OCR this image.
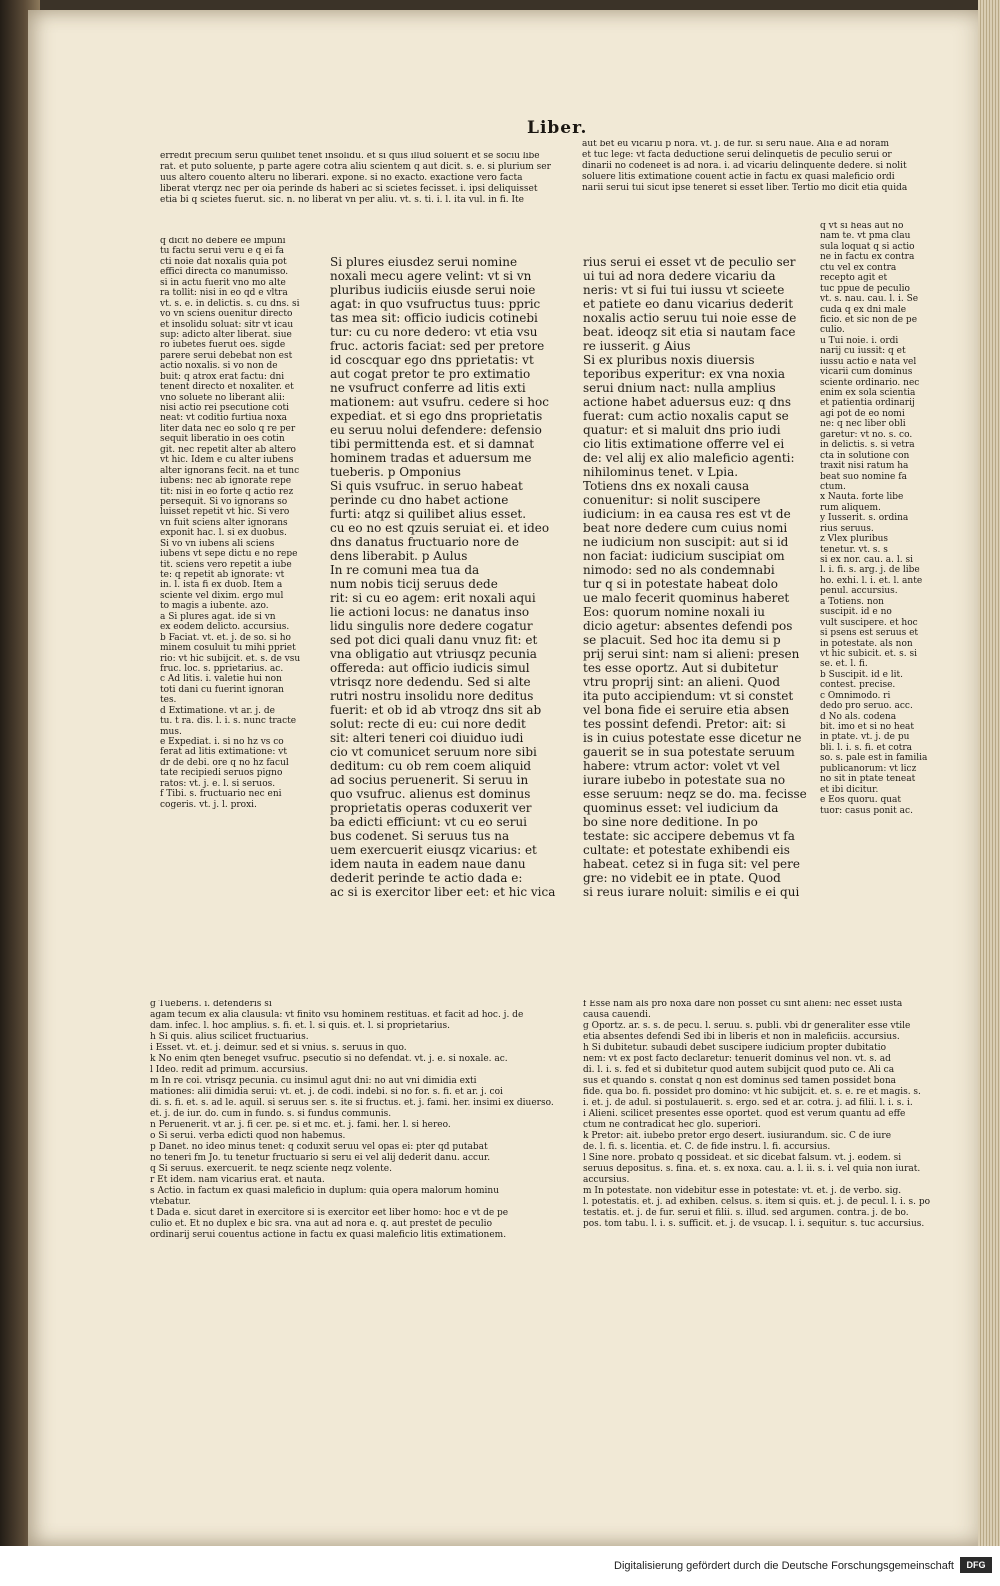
Liber.
erredit precium serui quilibet tenet insolidu. et si quis illud soluerit et se sociu libe
rat. et puto soluente, p parte agere cotra aliu scientem q aut dicit. s. e. si plurium ser
uus altero couento alteru no liberari. expone. si no exacto. exactione vero facta
liberat vterqz nec per oia perinde ds haberi ac si scietes fecisset. i. ipsi deliquisset
etia bi q scietes fuerut. sic. n. no liberat vn per aliu. vt. s. ti. i. l. ita vul. in fi. Ite
aut bet eu vicariu p nora. vt. j. de fur. si seru naue. Alia e ad noram
et tuc lege: vt facta deductione serui delinquetis de peculio serui or
dinarii no codeneet is ad nora. i. ad vicariu delinquente dedere. si nolit
soluere litis extimatione couent actie in factu ex quasi maleficio ordi
narii serui tui sicut ipse teneret si esset liber. Tertio mo dicit etia quida
q dicit no debere ee impuni
tu factu serui veru e q ei fa
cti noie dat noxalis quia pot
effici directa co manumisso.
si in actu fuerit vno mo alte
ra tollit: nisi in eo qd e vltra
vt. s. e. in delictis. s. cu dns. si
vo vn sciens ouenitur directo
et insolidu soluat: sitr vt icau
sup: adicto alter liberat. siue
ro iubetes fuerut oes. sigde
parere serui debebat non est
actio noxalis. si vo non de
buit: q atrox erat factu: dni
tenent directo et noxaliter. et
vno soluete no liberant alii:
nisi actio rei psecutione coti
neat: vt coditio furtiua noxa
liter data nec eo solo q re per
sequit liberatio in oes cotin
git. nec repetit alter ab altero
vt hic. Idem e cu alter iubens
alter ignorans fecit. na et tunc
iubens: nec ab ignorate repe
tit: nisi in eo forte q actio rez
persequit. Si vo ignorans so
luisset repetit vt hic. Si vero
vn fuit sciens alter ignorans
exponit hac. l. si ex duobus.
Si vo vn iubens ali sciens
iubens vt sepe dictu e no repe
tit. sciens vero repetit a iube
te: q repetit ab ignorate: vt
in. l. ista fi ex duob. Item a
sciente vel dixim. ergo mul
to magis a iubente. azo.
a Si plures agat. ide si vn
ex eodem delicto. accursius.
b Faciat. vt. et. j. de so. si ho
minem cosuluit tu mihi ppriet
rio: vt hic subijcit. et. s. de vsu
fruc. loc. s. pprietarius. ac.
c Ad litis. i. valetie hui non
toti dani cu fuerint ignoran
tes.
d Extimatione. vt ar. j. de
tu. t ra. dis. l. i. s. nunc tracte
mus.
e Expediat. i. si no hz vs co
ferat ad litis extimatione: vt
dr de debi. ore q no hz facul
tate recipiedi seruos pigno
ratos: vt. j. e. l. si seruos.
f Tibi. s. fructuario nec eni
cogeris. vt. j. l. proxi.
Si plures eiusdez serui nomine
noxali mecu agere velint: vt si vn
pluribus iudiciis eiusde serui noie
agat: in quo vsufructus tuus: ppric
tas mea sit: officio iudicis cotinebi
tur: cu cu nore dedero: vt etia vsu
fruc. actoris faciat: sed per pretore
id coscquar ego dns pprietatis: vt
aut cogat pretor te pro extimatio
ne vsufruct conferre ad litis exti
mationem: aut vsufru. cedere si hoc
expediat. et si ego dns proprietatis
eu seruu nolui defendere: defensio
tibi permittenda est. et si damnat
hominem tradas et aduersum me
tueberis. p Omponius
Si quis vsufruc. in seruo habeat
perinde cu dno habet actione
furti: atqz si quilibet alius esset.
cu eo no est qzuis seruiat ei. et ideo
dns danatus fructuario nore de
dens liberabit. p Aulus
In re comuni mea tua da
num nobis ticij seruus dede
rit: si cu eo agem: erit noxali aqui
lie actioni locus: ne danatus inso
lidu singulis nore dedere cogatur
sed pot dici quali danu vnuz fit: et
vna obligatio aut vtriusqz pecunia
offereda: aut officio iudicis simul
vtrisqz nore dedendu. Sed si alte
rutri nostru insolidu nore deditus
fuerit: et ob id ab vtroqz dns sit ab
solut: recte di eu: cui nore dedit
sit: alteri teneri coi diuiduo iudi
cio vt comunicet seruum nore sibi
deditum: cu ob rem coem aliquid
ad socius peruenerit. Si seruu in
quo vsufruc. alienus est dominus
proprietatis operas coduxerit ver
ba edicti efficiunt: vt cu eo serui
bus codenet. Si seruus tus na
uem exercuerit eiusqz vicarius: et
idem nauta in eadem naue danu
dederit perinde te actio dada e:
ac si is exercitor liber eet: et hic vica
rius serui ei esset vt de peculio ser
ui tui ad nora dedere vicariu da
neris: vt si fui tui iussu vt scieete
et patiete eo danu vicarius dederit
noxalis actio seruu tui noie esse de
beat. ideoqz sit etia si nautam face
re iusserit. g Aius
Si ex pluribus noxis diuersis
teporibus experitur: ex vna noxia
serui dnium nact: nulla amplius
actione habet aduersus euz: q dns
fuerat: cum actio noxalis caput se
quatur: et si maluit dns prio iudi
cio litis extimatione offerre vel ei
de: vel alij ex alio maleficio agenti:
nihilominus tenet. v Lpia.
Totiens dns ex noxali causa
conuenitur: si nolit suscipere
iudicium: in ea causa res est vt de
beat nore dedere cum cuius nomi
ne iudicium non suscipit: aut si id
non faciat: iudicium suscipiat om
nimodo: sed no als condemnabi
tur q si in potestate habeat dolo
ue malo fecerit quominus haberet
Eos: quorum nomine noxali iu
dicio agetur: absentes defendi pos
se placuit. Sed hoc ita demu si p
prij serui sint: nam si alieni: presen
tes esse oportz. Aut si dubitetur
vtru proprij sint: an alieni. Quod
ita puto accipiendum: vt si constet
vel bona fide ei seruire etia absen
tes possint defendi. Pretor: ait: si
is in cuius potestate esse dicetur ne
gauerit se in sua potestate seruum
habere: vtrum actor: volet vt vel
iurare iubebo in potestate sua no
esse seruum: neqz se do. ma. fecisse
quominus esset: vel iudicium da
bo sine nore deditione. In po
testate: sic accipere debemus vt fa
cultate: et potestate exhibendi eis
habeat. cetez si in fuga sit: vel pere
gre: no videbit ee in ptate. Quod
si reus iurare noluit: similis e ei qui
q vt si heas aut no
nam te. vt pma clau
sula loquat q si actio
ne in factu ex contra
ctu vel ex contra
recepto agit et
tuc ppue de peculio
vt. s. nau. cau. l. i. Se
cuda q ex dni male
ficio. et sic non de pe
culio.
u Tui noie. i. ordi
narij cu iussit: q et
iussu actio e nata vel
vicarii cum dominus
sciente ordinario. nec
enim ex sola scientia
et patientia ordinarij
agi pot de eo nomi
ne: q nec liber obli
garetur: vt no. s. co.
in delictis. s. si vetra
cta in solutione con
traxit nisi ratum ha
beat suo nomine fa
ctum.
x Nauta. forte libe
rum aliquem.
y Iusserit. s. ordina
rius seruus.
z Vlex pluribus
tenetur. vt. s. s
si ex nor. cau. a. l. si
l. i. fi. s. arg. j. de libe
ho. exhi. l. i. et. l. ante
penul. accursius.
a Totiens. non
suscipit. id e no
vult suscipere. et hoc
si psens est seruus et
in potestate. als non
vt hic subicit. et. s. si
se. et. l. fi.
b Suscipit. id e lit.
contest. precise.
c Omnimodo. ri
dedo pro seruo. acc.
d No als. codena
bit. imo et si no heat
in ptate. vt. j. de pu
bli. l. i. s. fi. et cotra
so. s. pale est in familia
publicanorum: vt licz
no sit in ptate teneat
et ibi dicitur.
e Eos quoru. quat
tuor: casus ponit ac.
g Tueberis. i. defenderis si
agam tecum ex alia clausula: vt finito vsu hominem restituas. et facit ad hoc. j. de
dam. infec. l. hoc amplius. s. fi. et. l. si quis. et. l. si proprietarius.
h Si quis. alius scilicet fructuarius.
i Esset. vt. et. j. deimur. sed et si vnius. s. seruus in quo.
k No enim qten beneget vsufruc. psecutio si no defendat. vt. j. e. si noxale. ac.
l Ideo. redit ad primum. accursius.
m In re coi. vtrisqz pecunia. cu insimul agut dni: no aut vni dimidia exti
mationes: alii dimidia serui: vt. et. j. de codi. indebi. si no for. s. fi. et ar. j. coi
di. s. fi. et. s. ad le. aquil. si seruus ser. s. ite si fructus. et. j. fami. her. insimi ex diuerso.
et. j. de iur. do. cum in fundo. s. si fundus communis.
n Peruenerit. vt ar. j. fi cer. pe. si et mc. et. j. fami. her. l. si hereo.
o Si serui. verba edicti quod non habemus.
p Danet. no ideo minus tenet: q coduxit seruu vel opas ei: pter qd putabat
no teneri fm Jo. tu tenetur fructuario si seru ei vel alij dederit danu. accur.
q Si seruus. exercuerit. te neqz sciente neqz volente.
r Et idem. nam vicarius erat. et nauta.
s Actio. in factum ex quasi maleficio in duplum: quia opera malorum hominu
vtebatur.
t Dada e. sicut daret in exercitore si is exercitor eet liber homo: hoc e vt de pe
culio et. Et no duplex e bic sra. vna aut ad nora e. q. aut prestet de peculio
ordinarij serui couentus actione in factu ex quasi maleficio litis extimationem.
f Esse nam als pro noxa dare non posset cu sint alieni: nec esset iusta
causa cauendi.
g Oportz. ar. s. s. de pecu. l. seruu. s. publi. vbi dr generaliter esse vtile
etia absentes defendi Sed ibi in liberis et non in maleficiis. accursius.
h Si dubitetur. subaudi debet suscipere iudicium propter dubitatio
nem: vt ex post facto declaretur: tenuerit dominus vel non. vt. s. ad
di. l. i. s. fed et si dubitetur quod autem subijcit quod puto ce. Ali ca
sus et quando s. constat q non est dominus sed tamen possidet bona
fide. qua bo. fi. possidet pro domino: vt hic subijcit. et. s. e. re et magis. s.
i. et. j. de adul. si postulauerit. s. ergo. sed et ar. cotra. j. ad filii. l. i. s. i.
i Alieni. scilicet presentes esse oportet. quod est verum quantu ad effe
ctum ne contradicat hec glo. superiori.
k Pretor: ait. iubebo pretor ergo desert. iusiurandum. sic. C de iure
de. l. fi. s. licentia. et. C. de fide instru. l. fi. accursius.
l Sine nore. probato q possideat. et sic dicebat falsum. vt. j. eodem. si
seruus depositus. s. fina. et. s. ex noxa. cau. a. l. ii. s. i. vel quia non iurat.
accursius.
m In potestate. non videbitur esse in potestate: vt. et. j. de verbo. sig.
l. potestatis. et. j. ad exhiben. celsus. s. item si quis. et. j. de pecul. l. i. s. po
testatis. et. j. de fur. serui et filii. s. illud. sed argumen. contra. j. de bo.
pos. tom tabu. l. i. s. sufficit. et. j. de vsucap. l. i. sequitur. s. tuc accursius.
Digitalisierung gefördert durch die Deutsche Forschungsgemeinschaft	DFG
